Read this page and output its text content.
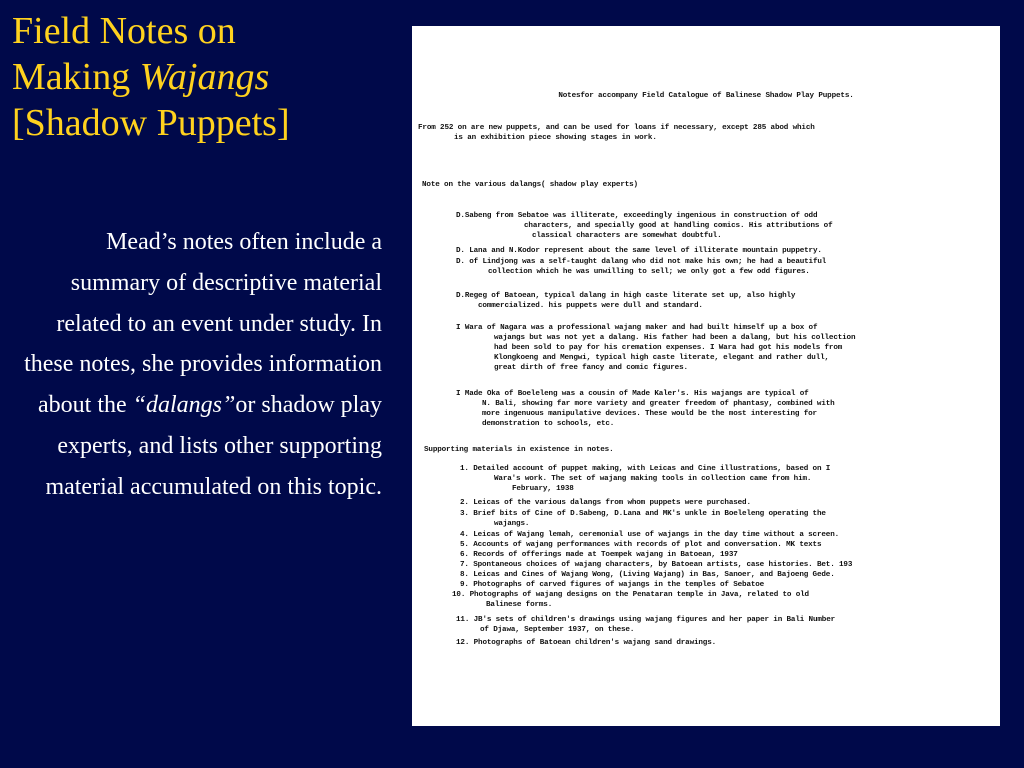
Field Notes on
Making Wajangs
[Shadow Puppets]
Mead’s notes often include a summary of descriptive material related to an event under study. In these notes, she provides information about the “dalangs”or shadow play experts, and lists other supporting material accumulated on this topic.
Notesfor accompany Field Catalogue of Balinese Shadow Play Puppets.
From 252 on are new puppets, and can be used for loans if necessary, except 285 abod which
is an exhibition piece showing stages in work.
Note on the various dalangs( shadow play experts)
D.Sabeng from Sebatoe was illiterate, exceedingly ingenious in construction of odd
characters, and specially good at handling comics. His attributions of
classical characters are somewhat doubtful.
D. Lana and N.Kodor represent about the same level of illiterate mountain puppetry.
D. of Lindjong was a self-taught dalang who did not make his own; he had a beautiful
collection which he was unwilling to sell; we only got a few odd figures.
D.Regeg of Batoean, typical dalang in high caste literate set up, also highly
commercialized. his puppets were dull and standard.
I Wara of Nagara was a professional wajang maker and had built himself up a box of
wajangs but was not yet a dalang. His father had been a dalang, but his collection
had been sold to pay for his cremation expenses. I Wara had got his models from
Klongkoeng and Mengwi, typical high caste literate, elegant and rather dull,
great dirth of free fancy and comic figures.
I Made Oka of Boeleleng was a cousin of Made Kaler's. His wajangs are typical of
N. Bali, showing far more variety and greater freedom of phantasy, combined with
more ingenuous manipulative devices. These would be the most interesting for
demonstration to schools, etc.
Supporting materials in existence in notes.
1. Detailed account of puppet making, with Leicas and Cine illustrations, based on I
Wara's work. The set of wajang making tools in collection came from him.
February, 1938
2. Leicas of the various dalangs from whom puppets were purchased.
3. Brief bits of Cine of D.Sabeng, D.Lana and MK's unkle in Boeleleng operating the
wajangs.
4. Leicas of Wajang lemah, ceremonial use of wajangs in the day time without a screen.
5. Accounts of wajang performances with records of plot and conversation. MK texts
6. Records of offerings made at Toempek wajang in Batoean, 1937
7. Spontaneous choices of wajang characters, by Batoean artists, case histories. Bet. 193
8. Leicas and Cines of Wajang Wong, (Living Wajang) in Bas, Sanoer, and Bajoeng Gede.
9. Photographs of carved figures of wajangs in the temples of Sebatoe
10. Photographs of wajang designs on the Penataran temple in Java, related to old
Balinese forms.
11. JB's sets of children's drawings using wajang figures and her paper in Bali Number
of Djawa, September 1937, on these.
12. Photographs of Batoean children's wajang sand drawings.
